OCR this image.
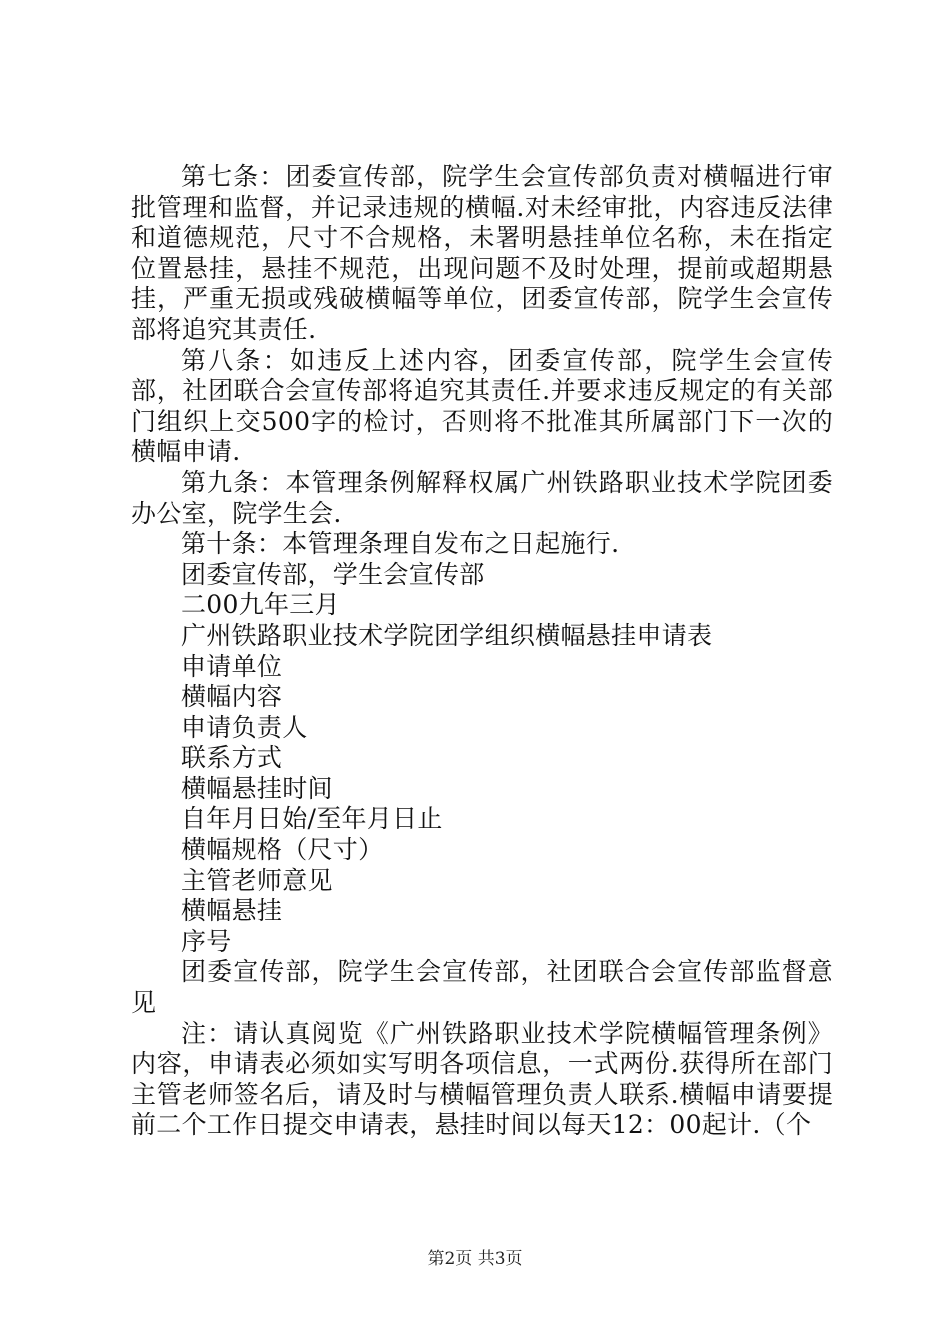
第七条：团委宣传部，院学生会宣传部负责对横幅进行审批管理和监督，并记录违规的横幅.对未经审批，内容违反法律和道德规范，尺寸不合规格，未署明悬挂单位名称，未在指定位置悬挂，悬挂不规范，出现问题不及时处理，提前或超期悬挂，严重无损或残破横幅等单位，团委宣传部，院学生会宣传部将追究其责任.

第八条：如违反上述内容，团委宣传部，院学生会宣传部，社团联合会宣传部将追究其责任.并要求违反规定的有关部门组织上交500字的检讨，否则将不批准其所属部门下一次的横幅申请.

第九条：本管理条例解释权属广州铁路职业技术学院团委办公室，院学生会.

第十条：本管理条理自发布之日起施行.

团委宣传部，学生会宣传部

二00九年三月

广州铁路职业技术学院团学组织横幅悬挂申请表

申请单位

横幅内容

申请负责人

联系方式

横幅悬挂时间

自年月日始/至年月日止

横幅规格（尺寸）

主管老师意见

横幅悬挂

序号

团委宣传部，院学生会宣传部，社团联合会宣传部监督意见

注：请认真阅览《广州铁路职业技术学院横幅管理条例》内容，申请表必须如实写明各项信息，一式两份.获得所在部门主管老师签名后，请及时与横幅管理负责人联系.横幅申请要提前二个工作日提交申请表，悬挂时间以每天12：00起计.（个

第2页 共3页
